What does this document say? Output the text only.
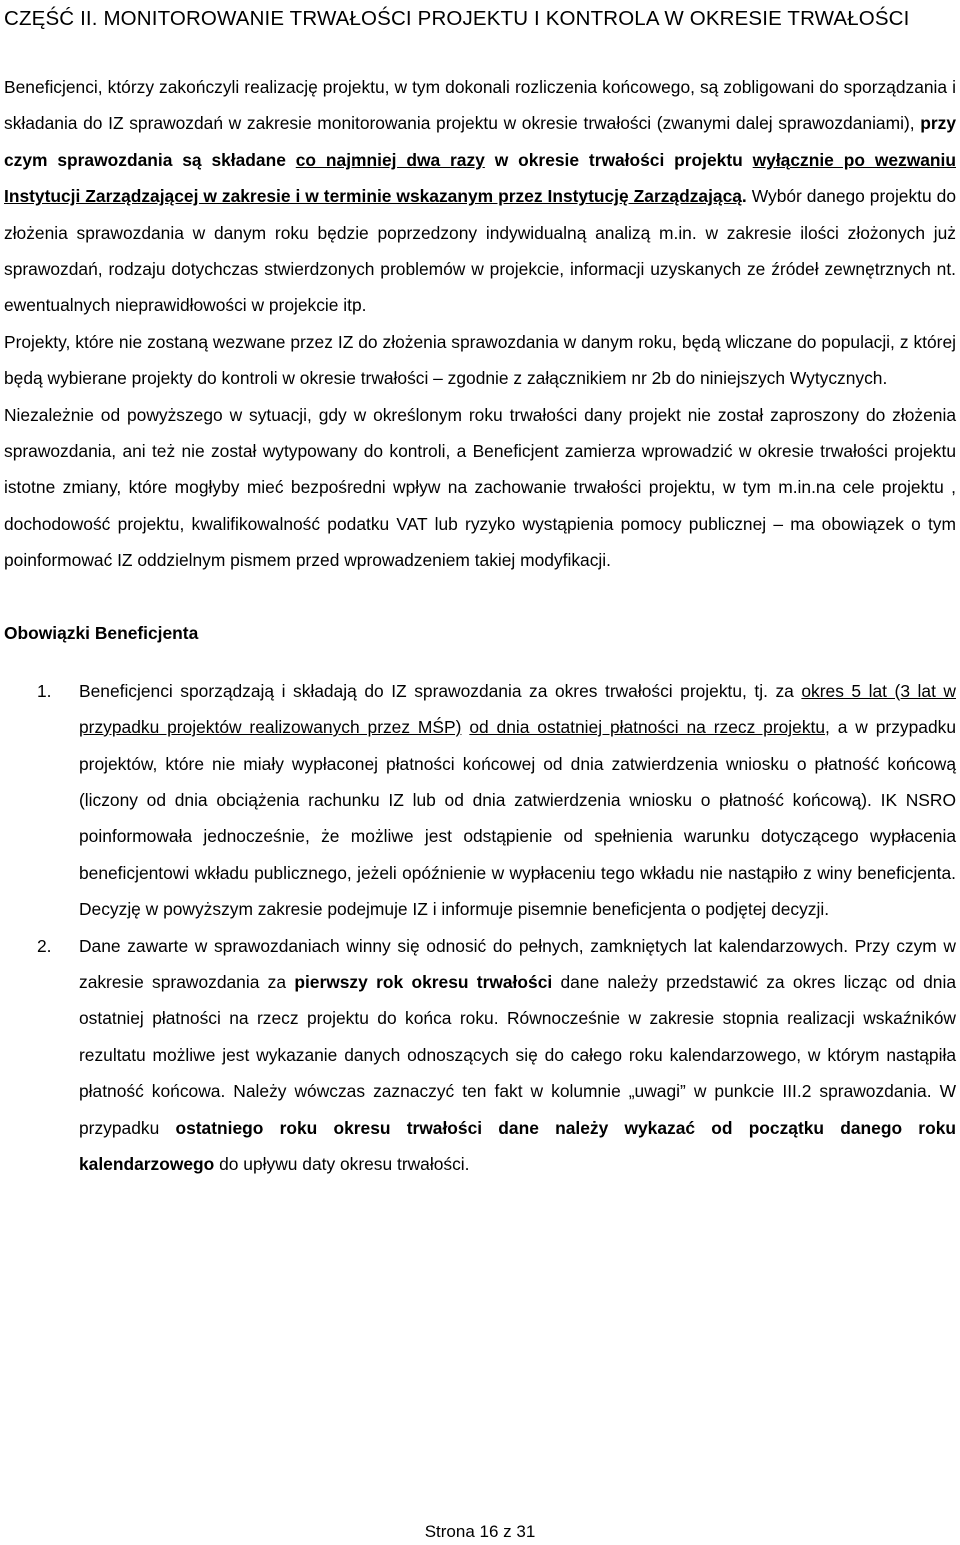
CZĘŚĆ II. MONITOROWANIE TRWAŁOŚCI PROJEKTU I KONTROLA W OKRESIE TRWAŁOŚCI

Beneficjenci, którzy zakończyli realizację projektu, w tym dokonali rozliczenia końcowego, są zobligowani do sporządzania i składania do IZ sprawozdań w zakresie monitorowania projektu w okresie trwałości (zwanymi dalej sprawozdaniami), przy czym sprawozdania są składane co najmniej dwa razy w okresie trwałości projektu wyłącznie po wezwaniu Instytucji Zarządzającej w zakresie i w terminie wskazanym przez Instytucję Zarządzającą. Wybór danego projektu do złożenia sprawozdania w danym roku będzie poprzedzony indywidualną analizą m.in. w zakresie ilości złożonych już sprawozdań, rodzaju dotychczas stwierdzonych problemów w projekcie, informacji uzyskanych ze źródeł zewnętrznych nt. ewentualnych nieprawidłowości w projekcie itp.

Projekty, które nie zostaną wezwane przez IZ do złożenia sprawozdania w danym roku, będą wliczane do populacji, z której będą wybierane projekty do kontroli w okresie trwałości – zgodnie z załącznikiem nr 2b do niniejszych Wytycznych.

Niezależnie od powyższego w sytuacji, gdy w określonym roku trwałości dany projekt nie został zaproszony do złożenia sprawozdania, ani też nie został wytypowany do kontroli, a Beneficjent zamierza wprowadzić w okresie trwałości projektu istotne zmiany, które mogłyby mieć bezpośredni wpływ na zachowanie trwałości projektu, w tym m.in.na cele projektu , dochodowość projektu, kwalifikowalność podatku VAT lub ryzyko wystąpienia pomocy publicznej – ma obowiązek o tym poinformować IZ oddzielnym pismem przed wprowadzeniem takiej modyfikacji.

Obowiązki Beneficjenta
1. Beneficjenci sporządzają i składają do IZ sprawozdania za okres trwałości projektu, tj. za okres 5 lat (3 lat w przypadku projektów realizowanych przez MŚP) od dnia ostatniej płatności na rzecz projektu, a w przypadku projektów, które nie miały wypłaconej płatności końcowej od dnia zatwierdzenia wniosku o płatność końcową (liczony od dnia obciążenia rachunku IZ lub od dnia zatwierdzenia wniosku o płatność końcową). IK NSRO poinformowała jednocześnie, że możliwe jest odstąpienie od spełnienia warunku dotyczącego wypłacenia beneficjentowi wkładu publicznego, jeżeli opóźnienie w wypłaceniu tego wkładu nie nastąpiło z winy beneficjenta. Decyzję w powyższym zakresie podejmuje IZ i informuje pisemnie beneficjenta o podjętej decyzji.
2. Dane zawarte w sprawozdaniach winny się odnosić do pełnych, zamkniętych lat kalendarzowych. Przy czym w zakresie sprawozdania za pierwszy rok okresu trwałości dane należy przedstawić za okres licząc od dnia ostatniej płatności na rzecz projektu do końca roku. Równocześnie w zakresie stopnia realizacji wskaźników rezultatu możliwe jest wykazanie danych odnoszących się do całego roku kalendarzowego, w którym nastąpiła płatność końcowa. Należy wówczas zaznaczyć ten fakt w kolumnie „uwagi” w punkcie III.2 sprawozdania. W przypadku ostatniego roku okresu trwałości dane należy wykazać od początku danego roku kalendarzowego do upływu daty okresu trwałości.
Strona 16 z 31
